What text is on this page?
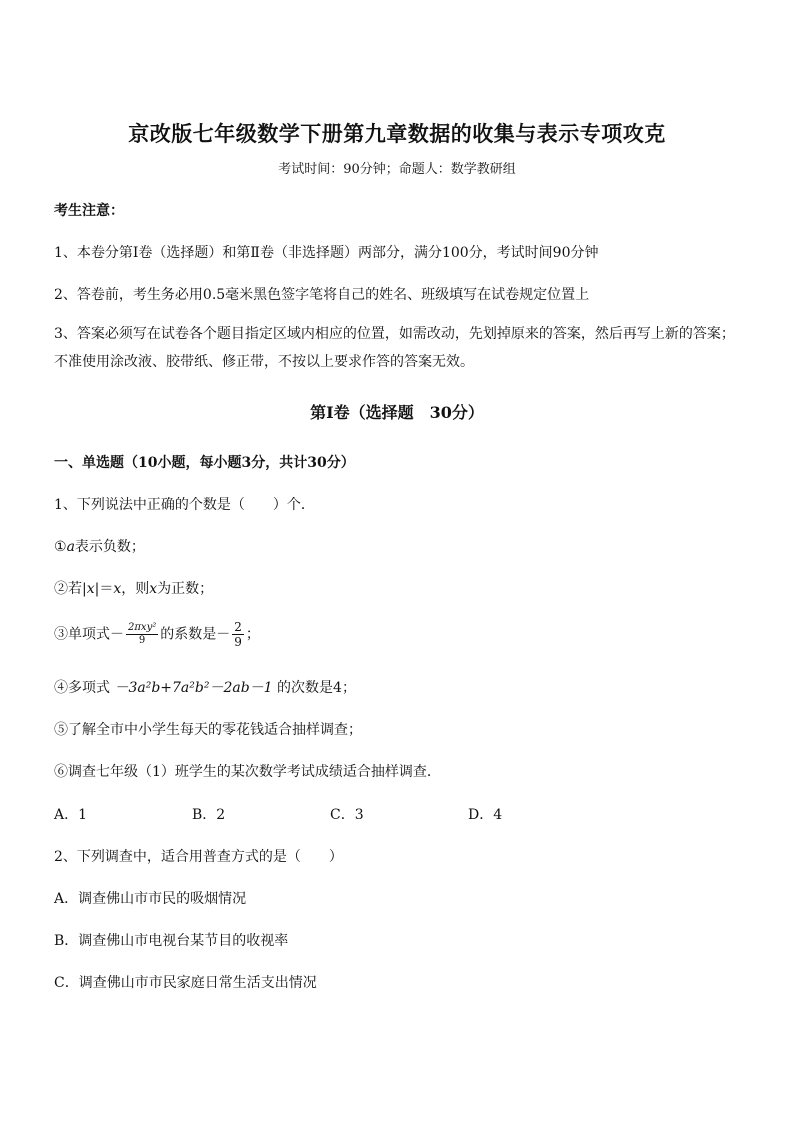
京改版七年级数学下册第九章数据的收集与表示专项攻克
考试时间：90分钟；命题人：数学教研组
考生注意：
1、本卷分第Ⅰ卷（选择题）和第Ⅱ卷（非选择题）两部分，满分100分，考试时间90分钟
2、答卷前，考生务必用0.5毫米黑色签字笔将自己的姓名、班级填写在试卷规定位置上
3、答案必须写在试卷各个题目指定区域内相应的位置，如需改动，先划掉原来的答案，然后再写上新的答案；不准使用涂改液、胶带纸、修正带，不按以上要求作答的答案无效。
第Ⅰ卷（选择题　30分）
一、单选题（10小题，每小题3分，共计30分）
1、下列说法中正确的个数是（　　）个．
①a表示负数；
②若|x|＝x，则x为正数；
③单项式－ $\frac{\text{2πxy²}}{9}$ 的系数是－ $\frac{2}{9}$ ；
④多项式 －3a²b+7a²b²－2ab－1 的次数是4；
⑤了解全市中小学生每天的零花钱适合抽样调查；
⑥调查七年级（1）班学生的某次数学考试成绩适合抽样调查．
A．1	B．2	C．3	D．4
2、下列调查中，适合用普查方式的是（　　）
A．调查佛山市市民的吸烟情况
B．调查佛山市电视台某节目的收视率
C．调查佛山市市民家庭日常生活支出情况
